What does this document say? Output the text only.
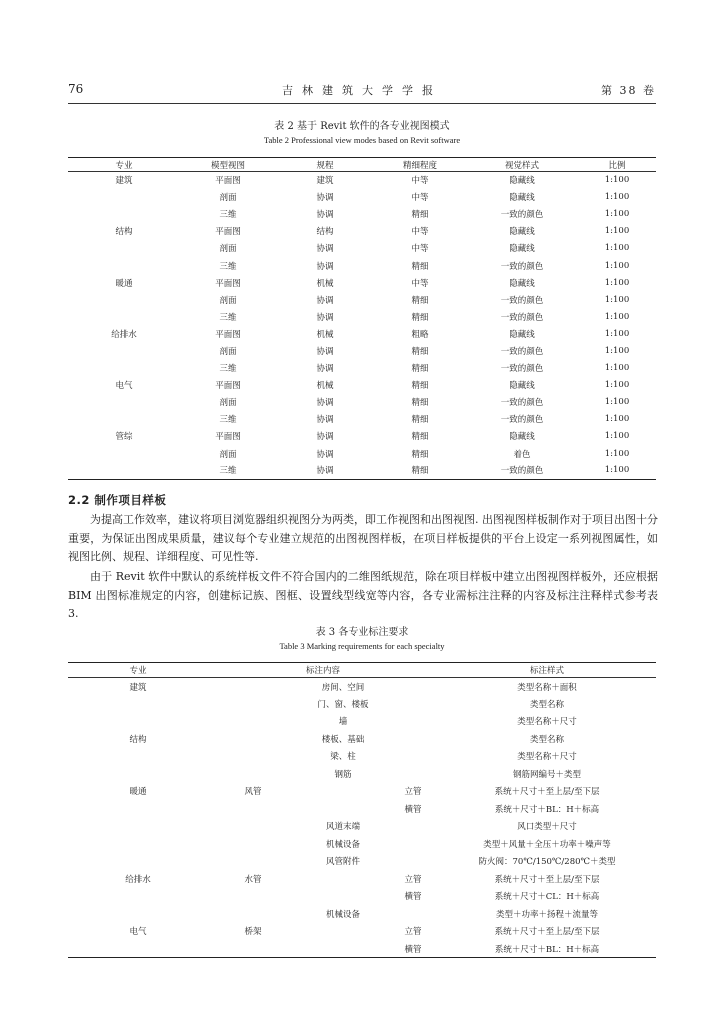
76	吉林建筑大学学报	第 38 卷
表 2 基于 Revit 软件的各专业视图模式
Table 2 Professional view modes based on Revit software
专业	模型视图	规程	精细程度	视觉样式	比例
建筑	平面图	建筑	中等	隐藏线	1:100
	剖面	协调	中等	隐藏线	1:100
	三维	协调	精细	一致的颜色	1:100
结构	平面图	结构	中等	隐藏线	1:100
	剖面	协调	中等	隐藏线	1:100
	三维	协调	精细	一致的颜色	1:100
暖通	平面图	机械	中等	隐藏线	1:100
	剖面	协调	精细	一致的颜色	1:100
	三维	协调	精细	一致的颜色	1:100
给排水	平面图	机械	粗略	隐藏线	1:100
	剖面	协调	精细	一致的颜色	1:100
	三维	协调	精细	一致的颜色	1:100
电气	平面图	机械	精细	隐藏线	1:100
	剖面	协调	精细	一致的颜色	1:100
	三维	协调	精细	一致的颜色	1:100
管综	平面图	协调	精细	隐藏线	1:100
	剖面	协调	精细	着色	1:100
	三维	协调	精细	一致的颜色	1:100
2.2 制作项目样板

为提高工作效率，建议将项目浏览器组织视图分为两类，即工作视图和出图视图. 出图视图样板制作对于项目出图十分重要，为保证出图成果质量，建议每个专业建立规范的出图视图样板，在项目样板提供的平台上设定一系列视图属性，如视图比例、规程、详细程度、可见性等.

由于 Revit 软件中默认的系统样板文件不符合国内的二维图纸规范，除在项目样板中建立出图视图样板外，还应根据 BIM 出图标准规定的内容，创建标记族、图框、设置线型线宽等内容，各专业需标注注释的内容及标注注释样式参考表 3.

表 3 各专业标注要求
Table 3 Marking requirements for each specialty
专业	标注内容			标注样式
建筑		房间、空间		类型名称＋面积
		门、窗、楼板		类型名称
		墙		类型名称＋尺寸
结构		楼板、基础		类型名称
		梁、柱		类型名称＋尺寸
		钢筋		钢筋网编号＋类型
暖通	风管		立管	系统＋尺寸＋至上层/至下层
			横管	系统＋尺寸＋BL：H＋标高
		风道末端		风口类型＋尺寸
		机械设备		类型＋风量＋全压＋功率＋噪声等
		风管附件		防火阀：70℃/150℃/280℃＋类型
给排水	水管		立管	系统＋尺寸＋至上层/至下层
			横管	系统＋尺寸＋CL：H＋标高
		机械设备		类型＋功率＋扬程＋流量等
电气	桥架		立管	系统＋尺寸＋至上层/至下层
			横管	系统＋尺寸＋BL：H＋标高
